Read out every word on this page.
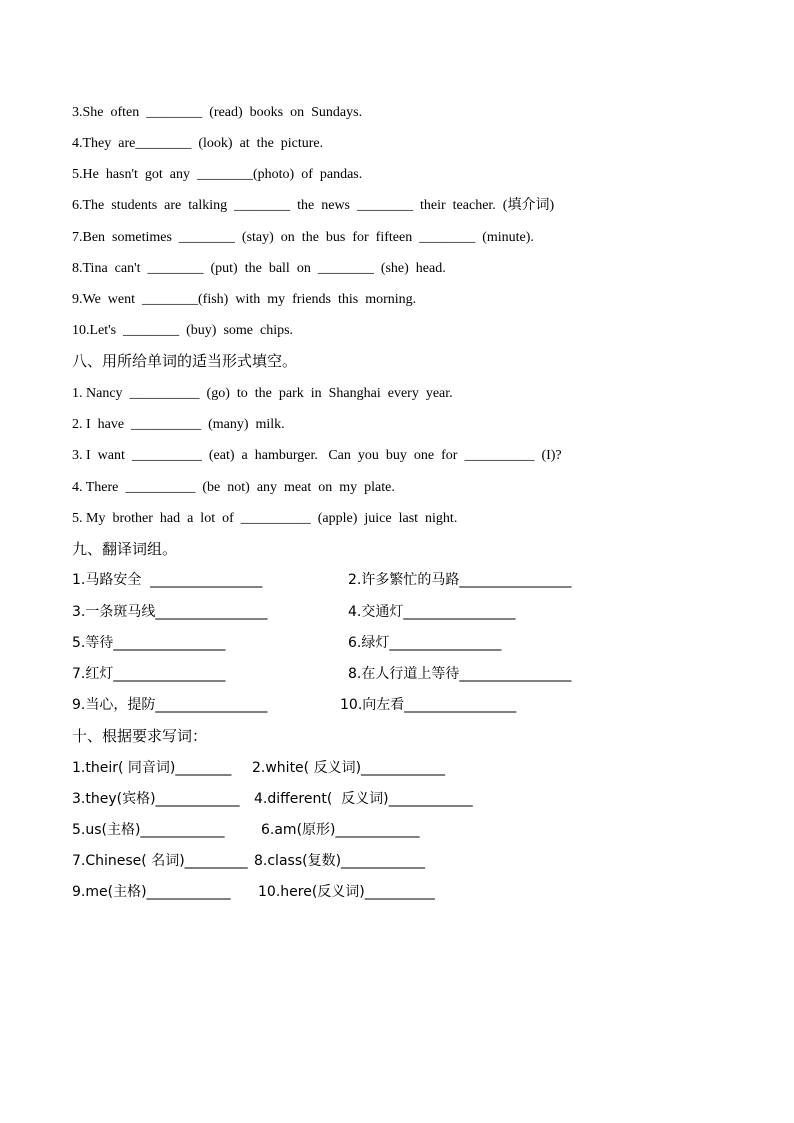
3.She  often  ________  (read)  books  on  Sundays.
4.They  are________  (look)  at  the  picture.
5.He  hasn't  got  any  ________(photo)  of  pandas.
6.The  students  are  talking  ________  the  news  ________  their  teacher.  (填介词)
7.Ben  sometimes  ________  (stay)  on  the  bus  for  fifteen  ________  (minute).
8.Tina  can't  ________  (put)  the  ball  on  ________  (she)  head.
9.We  went  ________(fish)  with  my  friends  this  morning.
10.Let's  ________  (buy)  some  chips.
八、用所给单词的适当形式填空。
1. Nancy  __________  (go)  to  the  park  in  Shanghai  every  year.
2. I  have  __________  (many)  milk.
3. I  want  __________  (eat)  a  hamburger.   Can  you  buy  one  for  __________  (I)?
4. There  __________  (be  not)  any  meat  on  my  plate.
5. My  brother  had  a  lot  of  __________  (apple)  juice  last  night.
九、翻译词组。
1.马路安全  ________________	2.许多繁忙的马路________________
3.一条斑马线________________	4.交通灯________________
5.等待________________	6.绿灯________________
7.红灯________________	8.在人行道上等待________________
9.当心，提防________________	10.向左看________________
十、根据要求写词：
1.their( 同音词)________ 2.white( 反义词)____________
3.they(宾格)____________ 4.different(  反义词)____________
5.us(主格)____________	6.am(原形)____________
7.Chinese( 名词)_________ 8.class(复数)____________
9.me(主格)____________ 10.here(反义词)__________
